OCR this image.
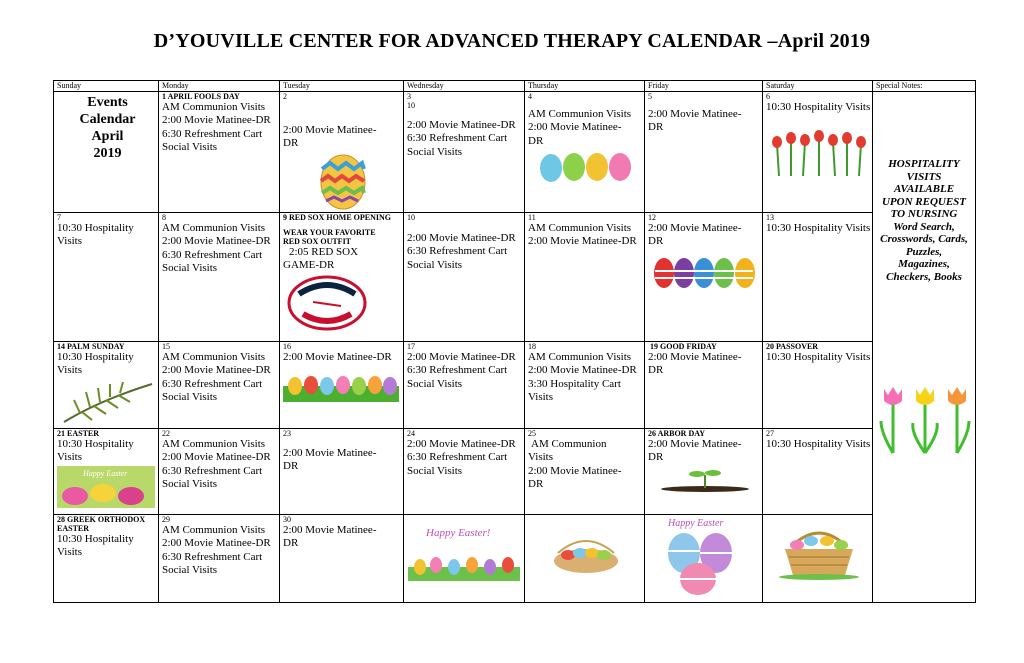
D’YOUVILLE CENTER FOR ADVANCED THERAPY CALENDAR –April 2019
Sunday	Monday	Tuesday	Wednesday	Thursday	Friday	Saturday	Special Notes:

Events
Calendar
April
2019	1 APRIL FOOLS DAY
AM Communion Visits
2:00 Movie Matinee-DR
6:30 Refreshment Cart
Social Visits	2
2:00 Movie Matinee-DR	3
10
2:00 Movie Matinee-DR
6:30 Refreshment Cart
Social Visits	4
AM Communion Visits
2:00 Movie Matinee-DR	5
2:00 Movie Matinee-DR	6
10:30 Hospitality Visits	HOSPITALITY VISITS AVAILABLE UPON REQUEST TO NURSING Word Search, Crosswords, Cards, Puzzles, Magazines, Checkers, Books

7
10:30 Hospitality Visits	8
AM Communion Visits
2:00 Movie Matinee-DR
6:30 Refreshment Cart
Social Visits	9 RED SOX HOME OPENING
WEAR YOUR FAVORITE RED SOX OUTFIT
2:05 RED SOX GAME-DR	10
2:00 Movie Matinee-DR
6:30 Refreshment Cart
Social Visits	11
AM Communion Visits
2:00 Movie Matinee-DR	12
2:00 Movie Matinee-DR	13
10:30 Hospitality Visits	

14 PALM SUNDAY
10:30 Hospitality Visits	15
AM Communion Visits
2:00 Movie Matinee-DR
6:30 Refreshment Cart
Social Visits	16
2:00 Movie Matinee-DR	17
2:00 Movie Matinee-DR
6:30 Refreshment Cart
Social Visits	18
AM Communion Visits
2:00 Movie Matinee-DR
3:30 Hospitality Cart Visits	19 GOOD FRIDAY
2:00 Movie Matinee-DR	20 PASSOVER
10:30 Hospitality Visits	

21 EASTER
10:30 Hospitality Visits
Happy Easter	22
AM Communion Visits
2:00 Movie Matinee-DR
6:30 Refreshment Cart
Social Visits	23
2:00 Movie Matinee-DR	24
2:00 Movie Matinee-DR
6:30 Refreshment Cart
Social Visits	25
AM Communion Visits
2:00 Movie Matinee-DR	26 ARBOR DAY
2:00 Movie Matinee-DR	27
10:30 Hospitality Visits	

28 GREEK ORTHODOX EASTER
10:30 Hospitality Visits	29
AM Communion Visits
2:00 Movie Matinee-DR
6:30 Refreshment Cart
Social Visits	30
2:00 Movie Matinee-DR	Happy Easter!		Happy Easter
